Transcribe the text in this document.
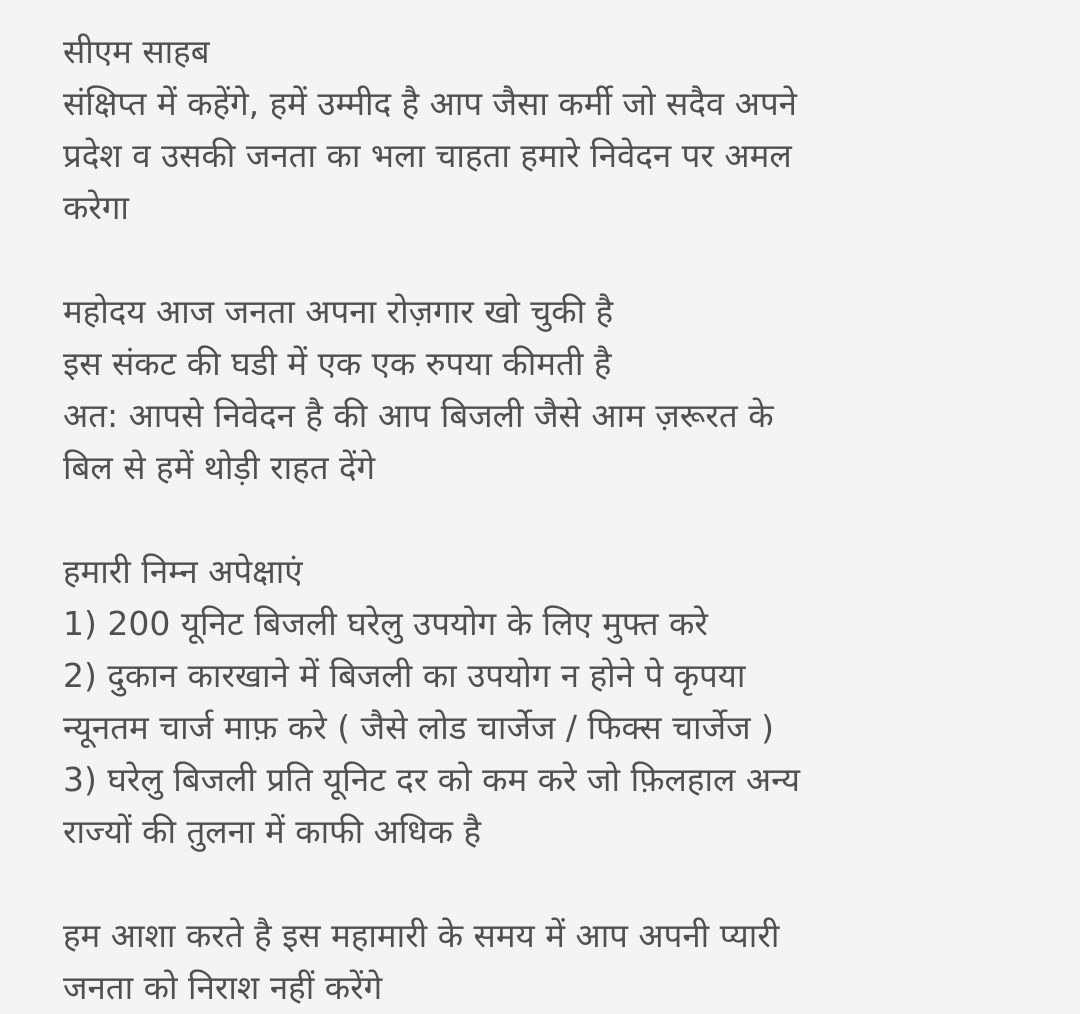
सीएम साहब
संक्षिप्त में कहेंगे, हमें उम्मीद है आप जैसा कर्मी जो सदैव अपने
प्रदेश व उसकी जनता का भला चाहता हमारे निवेदन पर अमल
करेगा
महोदय आज जनता अपना रोज़गार खो चुकी है
इस संकट की घडी में एक एक रुपया कीमती है
अत: आपसे निवेदन है की आप बिजली जैसे आम ज़रूरत के
बिल से हमें थोड़ी राहत देंगे
हमारी निम्न अपेक्षाएं
1) 200 यूनिट बिजली घरेलु उपयोग के लिए मुफ्त करे
2) दुकान कारखाने में बिजली का उपयोग न होने पे कृपया
न्यूनतम चार्ज माफ़ करे ( जैसे लोड चार्जेज / फिक्स चार्जेज )
3) घरेलु बिजली प्रति यूनिट दर को कम करे जो फ़िलहाल अन्य
राज्यों की तुलना में काफी अधिक है
हम आशा करते है इस महामारी के समय में आप अपनी प्यारी
जनता को निराश नहीं करेंगे
